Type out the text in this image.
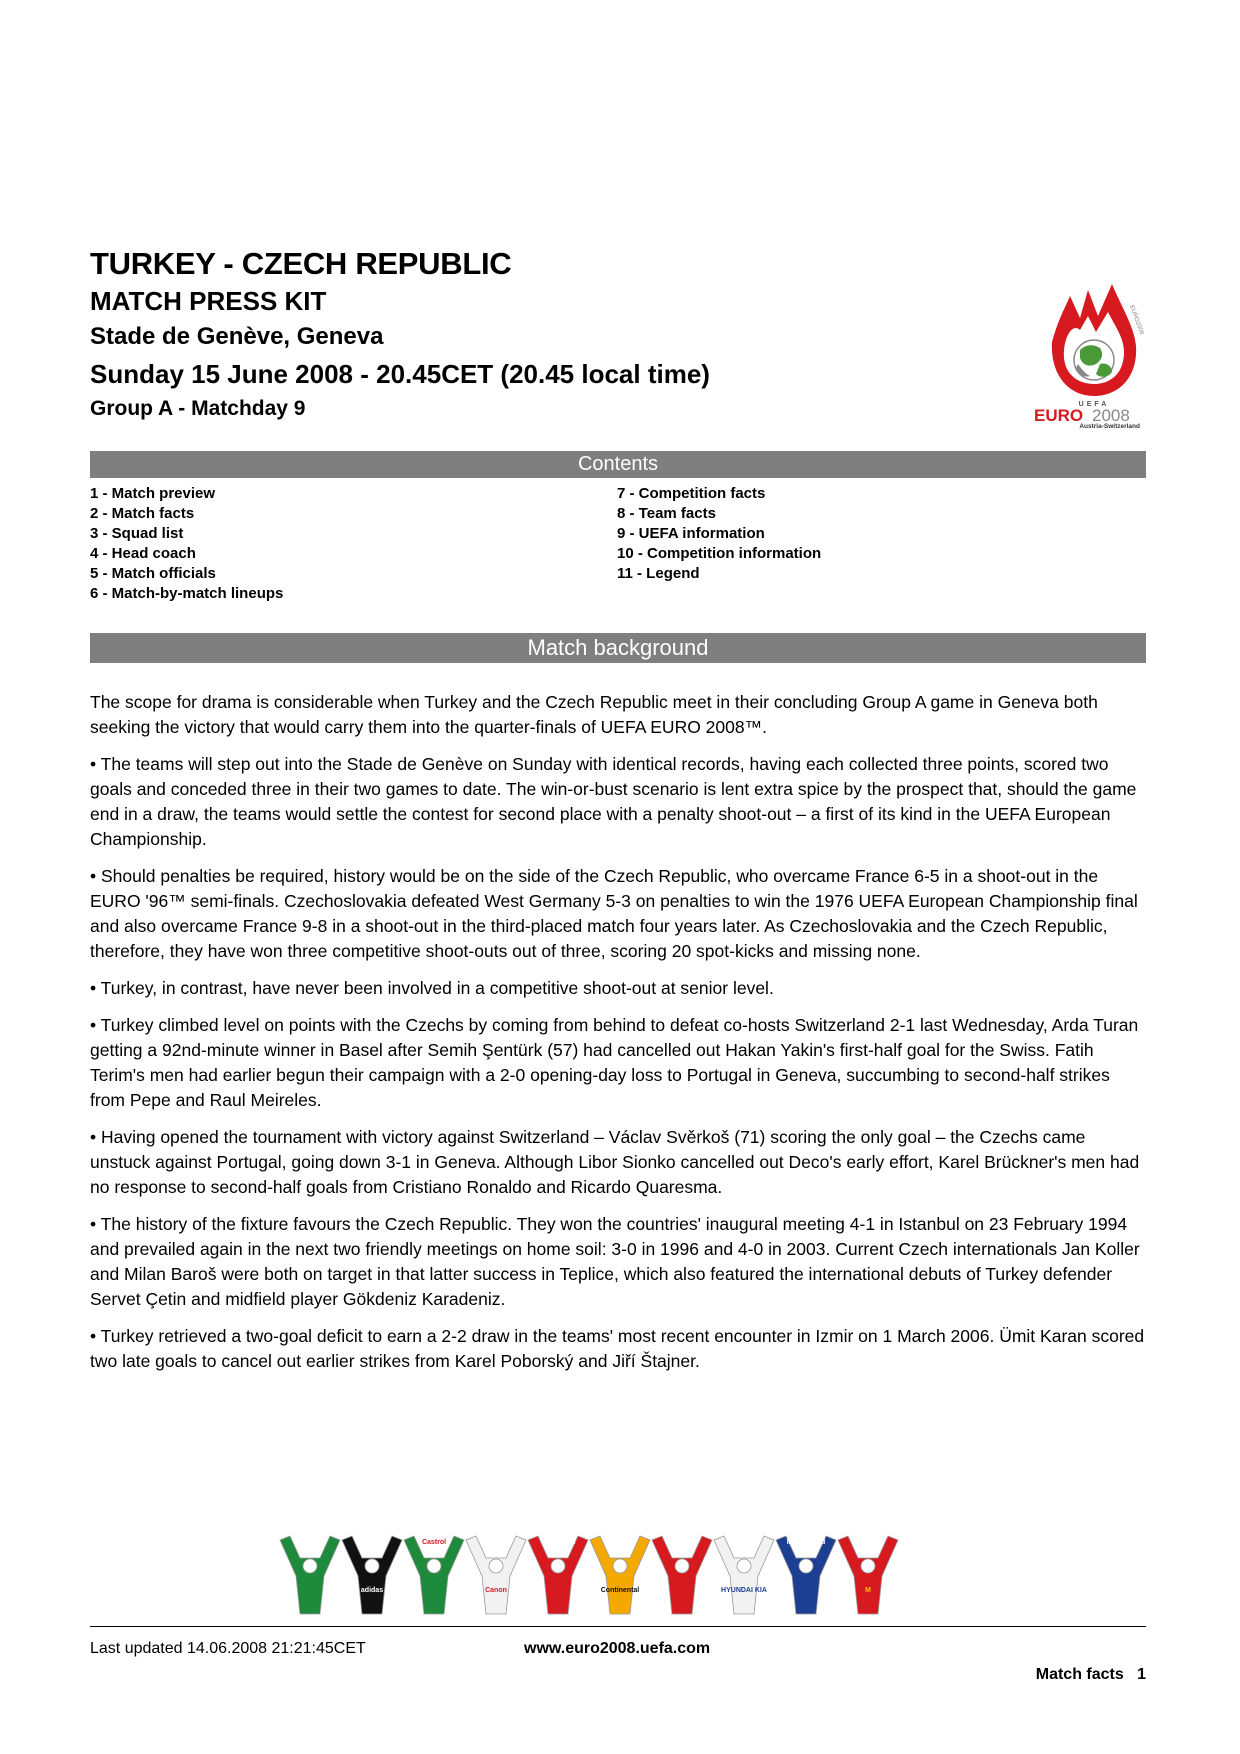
TURKEY - CZECH REPUBLIC
MATCH PRESS KIT
Stade de Genève, Geneva
Sunday 15 June 2008 - 20.45CET (20.45 local time)
Group A - Matchday 9
EURO2008
UEFA
EURO 2008
Austria-Switzerland
Contents
1 - Match preview
2 - Match facts
3 - Squad list
4 - Head coach
5 - Match officials
6 - Match-by-match lineups
7 - Competition facts
8 - Team facts
9 - UEFA information
10 - Competition information
11 - Legend
Match background

The scope for drama is considerable when Turkey and the Czech Republic meet in their concluding Group A game in Geneva both seeking the victory that would carry them into the quarter-finals of UEFA EURO 2008™.

• The teams will step out into the Stade de Genève on Sunday with identical records, having each collected three points, scored two goals and conceded three in their two games to date. The win-or-bust scenario is lent extra spice by the prospect that, should the game end in a draw, the teams would settle the contest for second place with a penalty shoot-out – a first of its kind in the UEFA European Championship.

• Should penalties be required, history would be on the side of the Czech Republic, who overcame France 6-5 in a shoot-out in the EURO '96™ semi-finals. Czechoslovakia defeated West Germany 5-3 on penalties to win the 1976 UEFA European Championship final and also overcame France 9-8 in a shoot-out in the third-placed match four years later. As Czechoslovakia and the Czech Republic, therefore, they have won three competitive shoot-outs out of three, scoring 20 spot-kicks and missing none.

• Turkey, in contrast, have never been involved in a competitive shoot-out at senior level.

• Turkey climbed level on points with the Czechs by coming from behind to defeat co-hosts Switzerland 2-1 last Wednesday, Arda Turan getting a 92nd-minute winner in Basel after Semih Şentürk (57) had cancelled out Hakan Yakin's first-half goal for the Swiss. Fatih Terim's men had earlier begun their campaign with a 2-0 opening-day loss to Portugal in Geneva, succumbing to second-half strikes from Pepe and Raul Meireles.

• Having opened the tournament with victory against Switzerland – Václav Svěrkoš (71) scoring the only goal – the Czechs came unstuck against Portugal, going down 3-1 in Geneva. Although Libor Sionko cancelled out Deco's early effort, Karel Brückner's men had no response to second-half goals from Cristiano Ronaldo and Ricardo Quaresma.

• The history of the fixture favours the Czech Republic. They won the countries' inaugural meeting 4-1 in Istanbul on 23 February 1994 and prevailed again in the next two friendly meetings on home soil: 3-0 in 1996 and 4-0 in 2003. Current Czech internationals Jan Koller and Milan Baroš were both on target in that latter success in Teplice, which also featured the international debuts of Turkey defender Servet Çetin and midfield player Gökdeniz Karadeniz.

• Turkey retrieved a two-goal deficit to earn a 2-2 draw in the teams' most recent encounter in Izmir on 1 March 2006. Ümit Karan scored two late goals to cancel out earlier strikes from Karel Poborský and Jiří Štajner.

Carlsberg
adidas
Castrol
Canon
Coca-Cola
Continental
JVC
HYUNDAI KIA
MasterCard
M
Last updated 14.06.2008 21:21:45CET	www.euro2008.uefa.com
Match facts   1
